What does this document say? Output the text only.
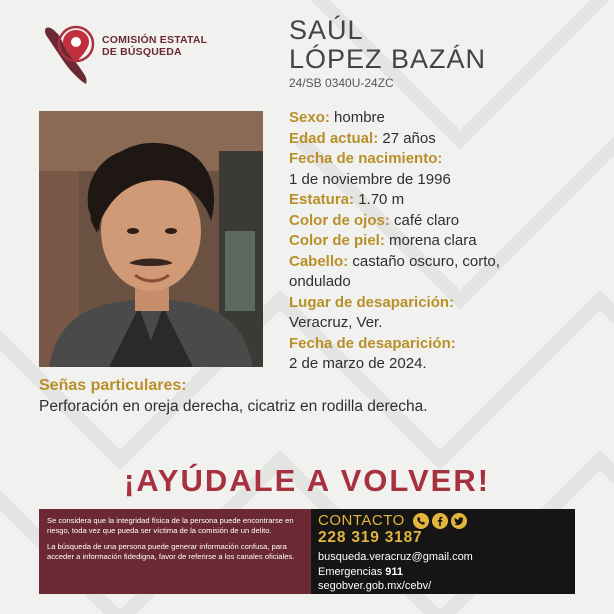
COMISIÓN ESTATAL
DE BÚSQUEDA
SAÚL
LÓPEZ BAZÁN
24/SB 0340U-24ZC
Sexo: hombre
Edad actual: 27 años
Fecha de nacimiento:
1 de noviembre de 1996
Estatura: 1.70 m
Color de ojos: café claro
Color de piel: morena clara
Cabello: castaño oscuro, corto,
ondulado
Lugar de desaparición:
Veracruz, Ver.
Fecha de desaparición:
2 de marzo de 2024.
Señas particulares:
Perforación en oreja derecha, cicatriz en rodilla derecha.
¡AYÚDALE A VOLVER!

Se considera que la integridad física de la persona puede encontrarse en riesgo, toda vez que pueda ser víctima de la comisión de un delito.

La búsqueda de una persona puede generar información confusa, para acceder a información fidedigna, favor de referirse a los canales oficiales.

CONTACTO
228 319 3187
busqueda.veracruz@gmail.com
Emergencias 911
segobver.gob.mx/cebv/
